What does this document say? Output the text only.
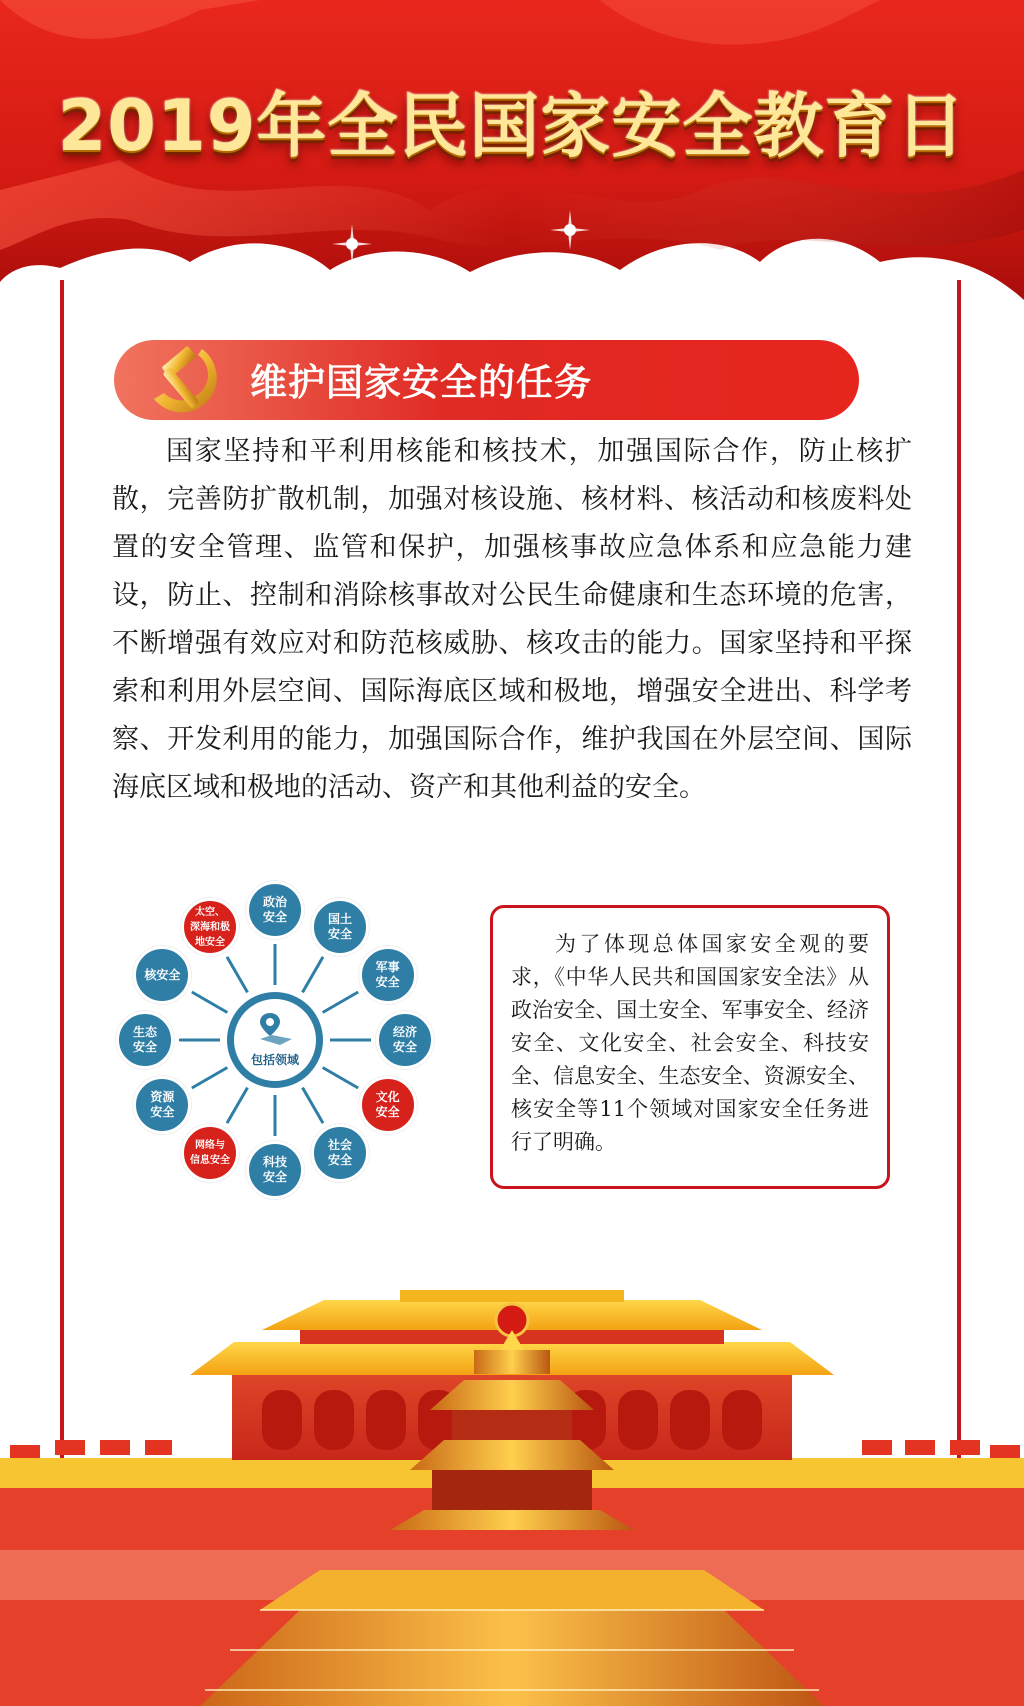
2019年全民国家安全教育日
维护国家安全的任务
国家坚持和平利用核能和核技术，加强国际合作，防止核扩散，完善防扩散机制，加强对核设施、核材料、核活动和核废料处置的安全管理、监管和保护，加强核事故应急体系和应急能力建设，防止、控制和消除核事故对公民生命健康和生态环境的危害，不断增强有效应对和防范核威胁、核攻击的能力。国家坚持和平探索和利用外层空间、国际海底区域和极地，增强安全进出、科学考察、开发利用的能力，加强国际合作，维护我国在外层空间、国际海底区域和极地的活动、资产和其他利益的安全。
包括领域
政治
安全	国土
安全
军事
安全
经济
安全
文化
安全
社会
安全
科技
安全
网络与
信息安全
资源
安全
生态
安全
核安全
太空、
深海和极
地安全	为了体现总体国家安全观的要求，《中华人民共和国国家安全法》从政治安全、国土安全、军事安全、经济安全、文化安全、社会安全、科技安全、信息安全、生态安全、资源安全、核安全等11个领域对国家安全任务进行了明确。
